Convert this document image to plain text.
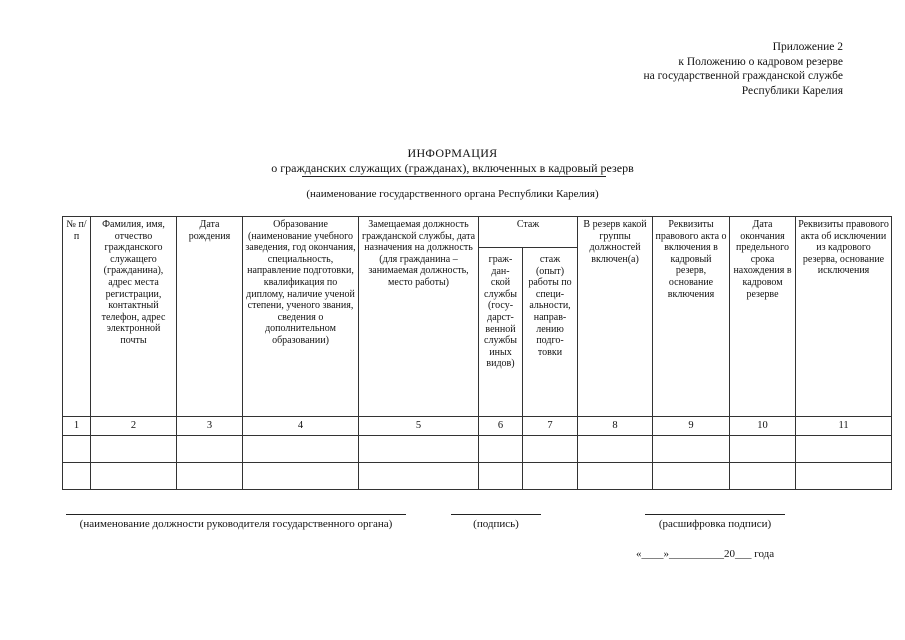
Приложение 2
к Положению о кадровом резерве
на государственной гражданской службе
Республики Карелия
ИНФОРМАЦИЯ
о гражданских служащих (гражданах), включенных в кадровый резерв
(наименование государственного органа Республики Карелия)
№ п/п	Фамилия, имя, отчество гражданского служащего (гражданина), адрес места регистрации, контактный телефон, адрес электронной почты	Дата рождения	Образование (наименование учебного заведения, год окончания, специальность, направление подготовки, квалификация по диплому, наличие ученой степени, ученого звания, сведения о дополнительном образовании)	Замещаемая должность гражданской службы, дата назначения на должность (для гражданина – занимаемая должность, место работы)	Стаж		В резерв какой группы должностей включен(а)	Реквизиты правового акта о включения в кадровый резерв, основание включения	Дата окончания предельного срока нахождения в кадровом резерве	Реквизиты правового акта об исключении из кадрового резерва, основание исключения
					граж- дан- ской службы (госу- дарст- венной службы иных видов)	стаж (опыт) работы по специ- альности, направ- лению подго- товки				
1	2	3	4	5	6	7	8	9	10	11

(наименование должности руководителя государственного органа)	(подпись)	(расшифровка подписи)
«____»__________20___ года
